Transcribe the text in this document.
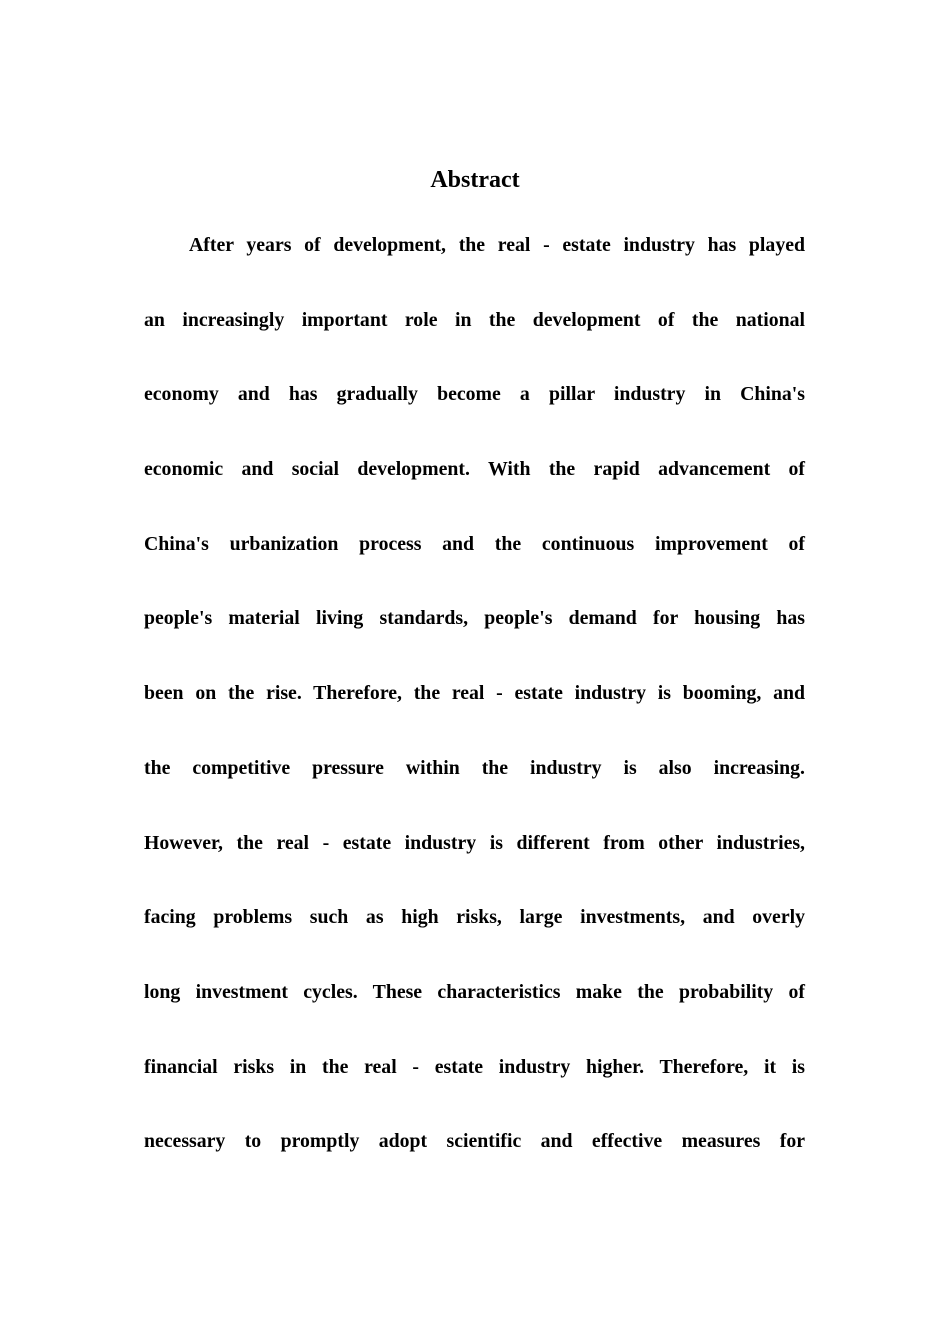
Abstract
After years of development, the real - estate industry has played
an increasingly important role in the development of the national
economy and has gradually become a pillar industry in China's
economic and social development. With the rapid advancement of
China's urbanization process and the continuous improvement of
people's material living standards, people's demand for housing has
been on the rise. Therefore, the real - estate industry is booming, and
the competitive pressure within the industry is also increasing.
However, the real - estate industry is different from other industries,
facing problems such as high risks, large investments, and overly
long investment cycles. These characteristics make the probability of
financial risks in the real - estate industry higher. Therefore, it is
necessary to promptly adopt scientific and effective measures for
